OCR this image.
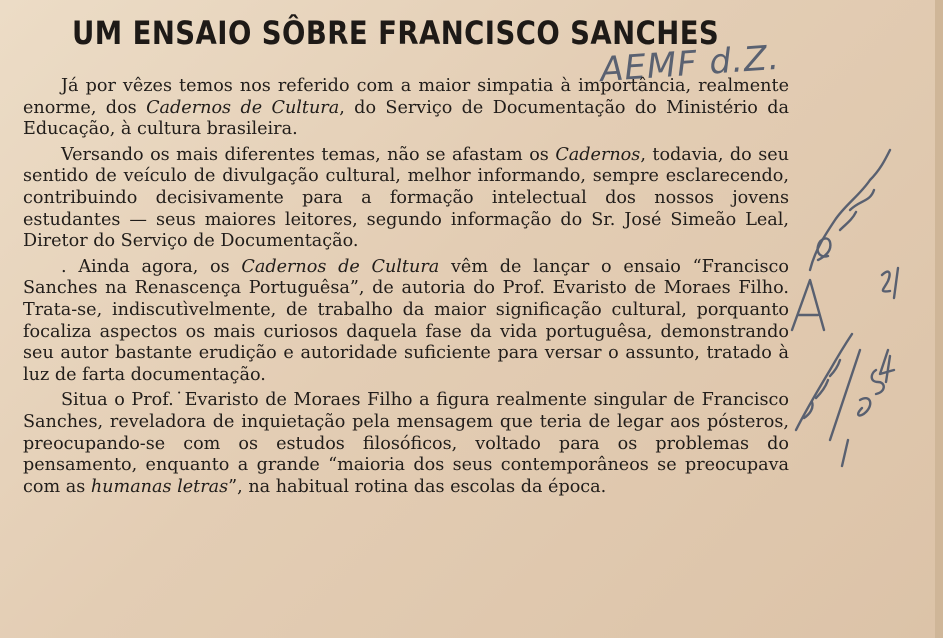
UM ENSAIO SÔBRE FRANCISCO SANCHES
AEMF d.Z.

Já por vêzes temos nos referido com a maior simpatia à importância, realmente enorme, dos Cadernos de Cultura, do Serviço de Documentação do Ministério da Educação, à cultura brasileira.

Versando os mais diferentes temas, não se afastam os Cadernos, todavia, do seu sentido de veículo de divulgação cultural, melhor informando, sempre esclarecendo, contribuindo decisivamente para a formação intelectual dos nossos jovens estudantes — seus maiores leitores, segundo informação do Sr. José Simeão Leal, Diretor do Serviço de Documentação.

. Ainda agora, os Cadernos de Cultura vêm de lançar o ensaio “Francisco Sanches na Renascença Portuguêsa”, de autoria do Prof. Evaristo de Moraes Filho. Trata-se, indiscutìvelmente, de trabalho da maior significação cultural, porquanto focaliza aspectos os mais curiosos daquela fase da vida portuguêsa, demonstrando seu autor bastante erudição e autoridade suficiente para versar o assunto, tratado à luz de farta documentação.

Situa o Prof.˙Evaristo de Moraes Filho a figura realmente singular de Francisco Sanches, reveladora de inquietação pela mensagem que teria de legar aos pósteros, preocupando-se com os estudos filosóficos, voltado para os problemas do pensamento, enquanto a grande “maioria dos seus contemporâneos se preocupava com as humanas letras”, na habitual rotina das escolas da época.
